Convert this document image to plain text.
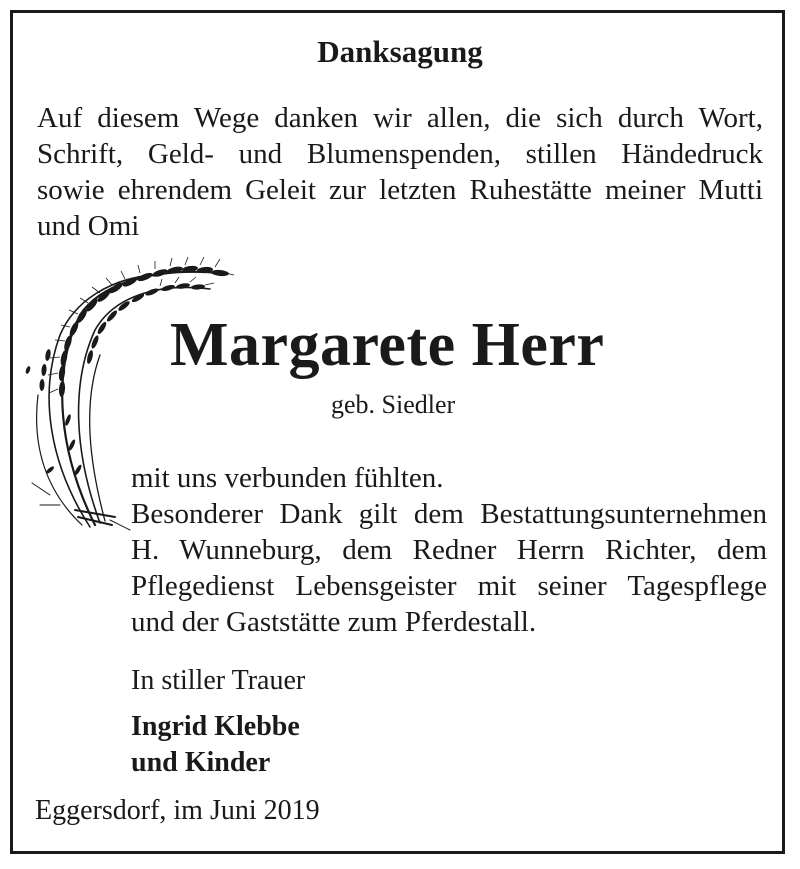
Danksagung
Auf diesem Wege danken wir allen, die sich durch Wort,
Schrift, Geld- und Blumenspenden, stillen Händedruck
sowie ehrendem Geleit zur letzten Ruhestätte meiner Mutti
und Omi
Margarete Herr
geb. Siedler
mit uns verbunden fühlten.
Besonderer Dank gilt dem Bestattungsunternehmen
H. Wunneburg, dem Redner Herrn Richter, dem
Pflegedienst Lebensgeister mit seiner Tagespflege
und der Gaststätte zum Pferdestall.
In stiller Trauer
Ingrid Klebbe
und Kinder
Eggersdorf, im Juni 2019
